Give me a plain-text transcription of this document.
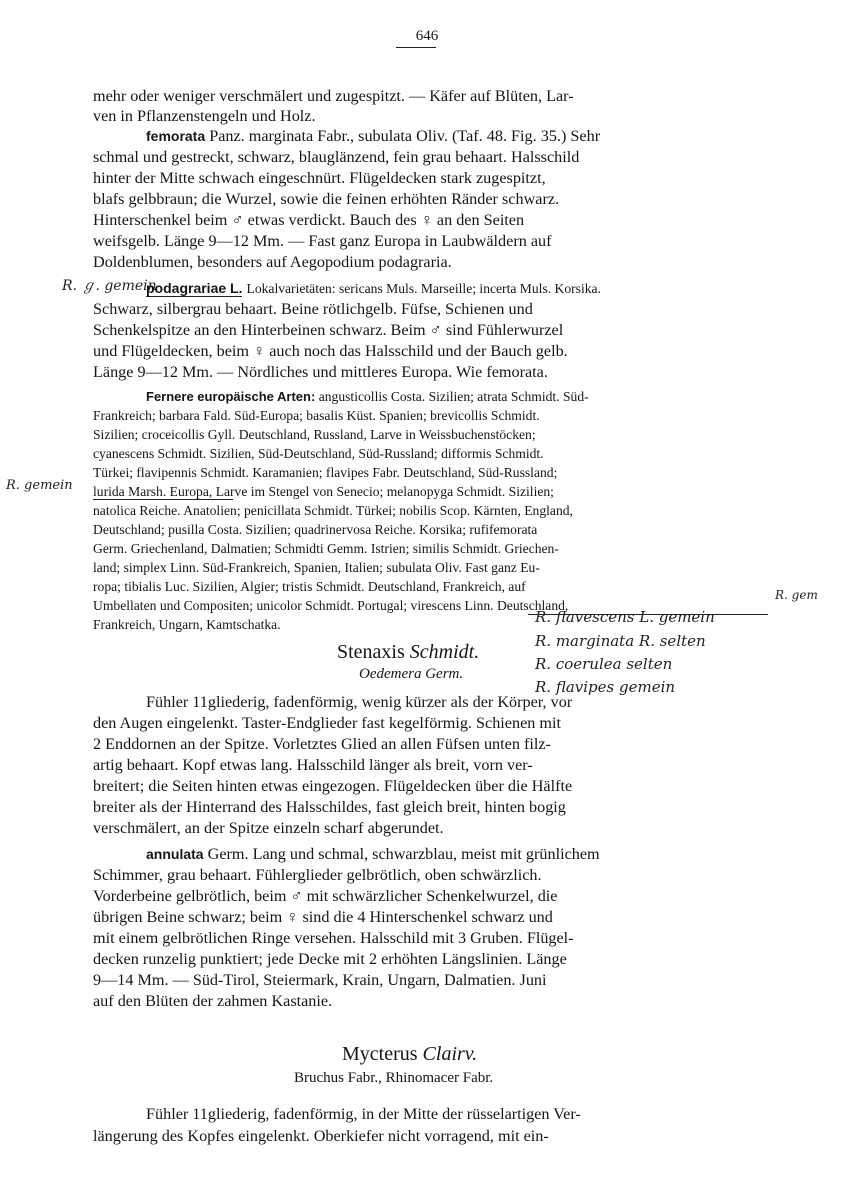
646
mehr oder weniger verschmälert und zugespitzt. — Käfer auf Blüten, Lar-
ven in Pflanzenstengeln und Holz.
femorata Panz. marginata Fabr., subulata Oliv. (Taf. 48. Fig. 35.) Sehr
schmal und gestreckt, schwarz, blauglänzend, fein grau behaart. Halsschild
hinter der Mitte schwach eingeschnürt. Flügeldecken stark zugespitzt,
blafs gelbbraun; die Wurzel, sowie die feinen erhöhten Ränder schwarz.
Hinterschenkel beim ♂ etwas verdickt. Bauch des ♀ an den Seiten
weifsgelb. Länge 9—12 Mm. — Fast ganz Europa in Laubwäldern auf
Doldenblumen, besonders auf Aegopodium podagraria.
R. ℊ. gemein
podagrariae L. Lokalvarietäten: sericans Muls. Marseille; incerta Muls. Korsika.
Schwarz, silbergrau behaart. Beine rötlichgelb. Füfse, Schienen und
Schenkelspitze an den Hinterbeinen schwarz. Beim ♂ sind Fühlerwurzel
und Flügeldecken, beim ♀ auch noch das Halsschild und der Bauch gelb.
Länge 9—12 Mm. — Nördliches und mittleres Europa. Wie femorata.
Fernere europäische Arten: angusticollis Costa. Sizilien; atrata Schmidt. Süd-
Frankreich; barbara Fald. Süd-Europa; basalis Küst. Spanien; brevicollis Schmidt.
Sizilien; croceicollis Gyll. Deutschland, Russland, Larve in Weissbuchenstöcken;
cyanescens Schmidt. Sizilien, Süd-Deutschland, Süd-Russland; difformis Schmidt.
Türkei; flavipennis Schmidt. Karamanien; flavipes Fabr. Deutschland, Süd-Russland;
R. gemein lurida Marsh. Europa, Larve im Stengel von Senecio; melanopyga Schmidt. Sizilien;
natolica Reiche. Anatolien; penicillata Schmidt. Türkei; nobilis Scop. Kärnten, England,
Deutschland; pusilla Costa. Sizilien; quadrinervosa Reiche. Korsika; rufifemorata
Germ. Griechenland, Dalmatien; Schmidti Gemm. Istrien; similis Schmidt. Griechen-
land; simplex Linn. Süd-Frankreich, Spanien, Italien; subulata Oliv. Fast ganz Eu-
ropa; tibialis Luc. Sizilien, Algier; tristis Schmidt. Deutschland, Frankreich, auf
Umbellaten und Compositen; unicolor Schmidt. Portugal; virescens Linn. Deutschland,
R. gem
Frankreich, Ungarn, Kamtschatka.	R. flavescens L. gemein
R. marginata R. selten
R. coerulea selten
R. flavipes gemein
Stenaxis Schmidt.
Oedemera Germ.
Fühler 11gliederig, fadenförmig, wenig kürzer als der Körper, vor
den Augen eingelenkt. Taster-Endglieder fast kegelförmig. Schienen mit
2 Enddornen an der Spitze. Vorletztes Glied an allen Füfsen unten filz-
artig behaart. Kopf etwas lang. Halsschild länger als breit, vorn ver-
breitert; die Seiten hinten etwas eingezogen. Flügeldecken über die Hälfte
breiter als der Hinterrand des Halsschildes, fast gleich breit, hinten bogig
verschmälert, an der Spitze einzeln scharf abgerundet.
annulata Germ. Lang und schmal, schwarzblau, meist mit grünlichem
Schimmer, grau behaart. Fühlerglieder gelbrötlich, oben schwärzlich.
Vorderbeine gelbrötlich, beim ♂ mit schwärzlicher Schenkelwurzel, die
übrigen Beine schwarz; beim ♀ sind die 4 Hinterschenkel schwarz und
mit einem gelbrötlichen Ringe versehen. Halsschild mit 3 Gruben. Flügel-
decken runzelig punktiert; jede Decke mit 2 erhöhten Längslinien. Länge
9—14 Mm. — Süd-Tirol, Steiermark, Krain, Ungarn, Dalmatien. Juni
auf den Blüten der zahmen Kastanie.
Mycterus Clairv.
Bruchus Fabr., Rhinomacer Fabr.
Fühler 11gliederig, fadenförmig, in der Mitte der rüsselartigen Ver-
längerung des Kopfes eingelenkt. Oberkiefer nicht vorragend, mit ein-
